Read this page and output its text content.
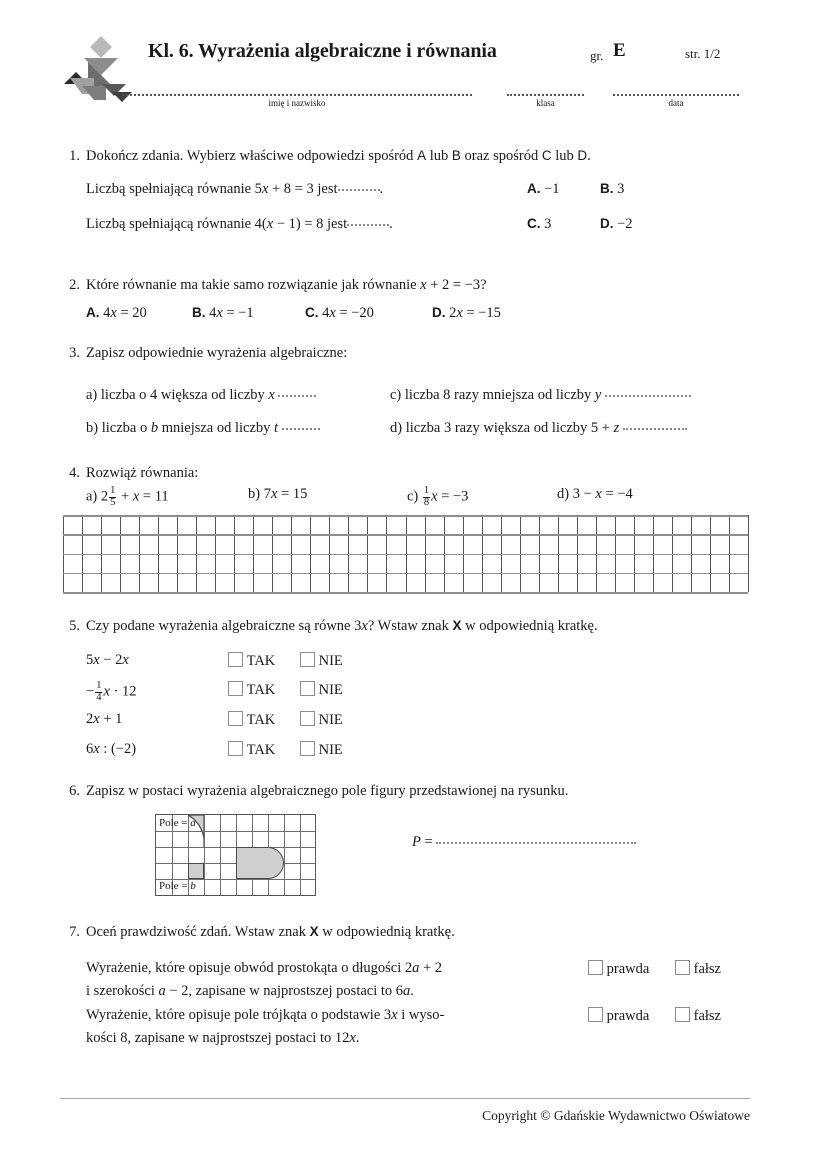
Kl. 6. Wyrażenia algebraiczne i równania	gr. E	str. 1/2
imię i nazwisko	klasa	data
1. Dokończ zdania. Wybierz właściwe odpowiedzi spośród A lub B oraz spośród C lub D.
Liczbą spełniającą równanie 5x + 8 = 3 jest	.	A. −1	B. 3
Liczbą spełniającą równanie 4(x − 1) = 8 jest	.	C. 3	D. −2
2. Które równanie ma takie samo rozwiązanie jak równanie x + 2 = −3?
A. 4x = 20	B. 4x = −1	C. 4x = −20	D. 2x = −15
3. Zapisz odpowiednie wyrażenia algebraiczne:
a) liczba o 4 większa od liczby x
b) liczba o b mniejsza od liczby t
c) liczba 8 razy mniejsza od liczby y
d) liczba 3 razy większa od liczby 5 + z
4. Rozwiąż równania:
a) $2 \frac{1}{5} + x = 11$	b) 7x = 15	$c) \frac{1}{8}$ x = −3	d) 3 − x = −4
5. Czy podane wyrażenia algebraiczne są równe 3x? Wstaw znak X w odpowiednią kratkę.
5x − 2x	TAK	NIE
− $\frac{1}{4}$ x · 12	TAK	NIE
2x + 1	TAK	NIE
6x : (−2)	TAK	NIE
6. Zapisz w postaci wyrażenia algebraicznego pole figury przedstawionej na rysunku.
Pole = a
Pole = b
P =
7. Oceń prawdziwość zdań. Wstaw znak X w odpowiednią kratkę.
Wyrażenie, które opisuje obwód prostokąta o długości 2a + 2
i szerokości a − 2, zapisane w najprostszej postaci to 6a.
prawda	fałsz
Wyrażenie, które opisuje pole trójkąta o podstawie 3x i wyso-
kości 8, zapisane w najprostszej postaci to 12x.
prawda	fałsz
Copyright © Gdańskie Wydawnictwo Oświatowe
